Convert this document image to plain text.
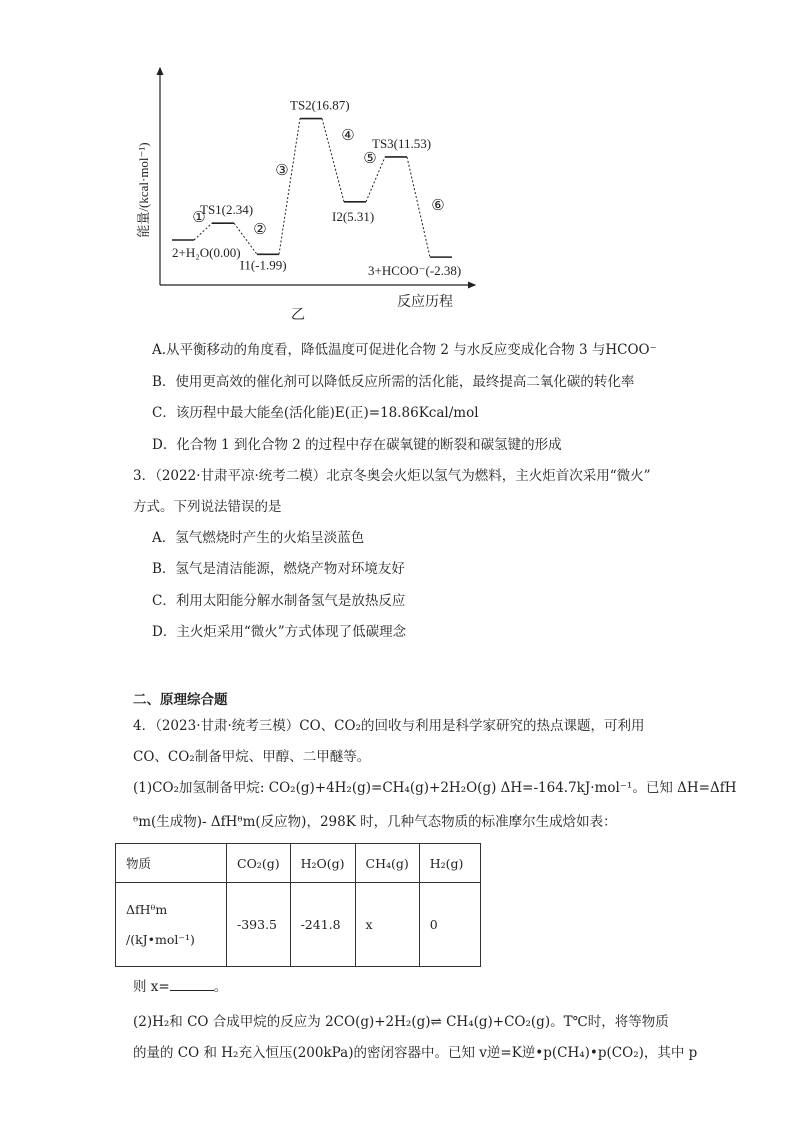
能量/(kcal·mol⁻¹)
反应历程
乙
2+H₂O(0.00)
TS1(2.34)
I1(-1.99)
TS2(16.87)
I2(5.31)
TS3(11.53)
3+HCOO⁻(-2.38)
①
②
③
④
⑤
⑥
A.从平衡移动的角度看，降低温度可促进化合物 2 与水反应变成化合物 3 与HCOO⁻
B．使用更高效的催化剂可以降低反应所需的活化能，最终提高二氧化碳的转化率
C．该历程中最大能垒(活化能)E(正)=18.86Kcal/mol
D．化合物 1 到化合物 2 的过程中存在碳氧键的断裂和碳氢键的形成
3．（2022·甘肃平凉·统考二模）北京冬奥会火炬以氢气为燃料，主火炬首次采用“微火”
方式。下列说法错误的是
A．氢气燃烧时产生的火焰呈淡蓝色
B．氢气是清洁能源，燃烧产物对环境友好
C．利用太阳能分解水制备氢气是放热反应
D．主火炬采用“微火”方式体现了低碳理念
二、原理综合题
4．（2023·甘肃·统考三模）CO、CO₂的回收与利用是科学家研究的热点课题，可利用
CO、CO₂制备甲烷、甲醇、二甲醚等。
(1)CO₂加氢制备甲烷: CO₂(g)+4H₂(g)=CH₄(g)+2H₂O(g) ΔH=-164.7kJ·mol⁻¹。已知 ΔH=ΔfH
ᶿm(生成物)- ΔfHᶿm(反应物)，298K 时，几种气态物质的标准摩尔生成焓如表：
物质	CO₂(g)	H₂O(g)	CH₄(g)	H₂(g)

ΔfHᶿm
/(kJ•mol⁻¹)	-393.5	-241.8	x	0
则 x=	。
(2)H₂和 CO 合成甲烷的反应为 2CO(g)+2H₂(g)⇌ CH₄(g)+CO₂(g)。T℃时，将等物质
的量的 CO 和 H₂充入恒压(200kPa)的密闭容器中。已知 v逆=K逆•p(CH₄)•p(CO₂)，其中 p
